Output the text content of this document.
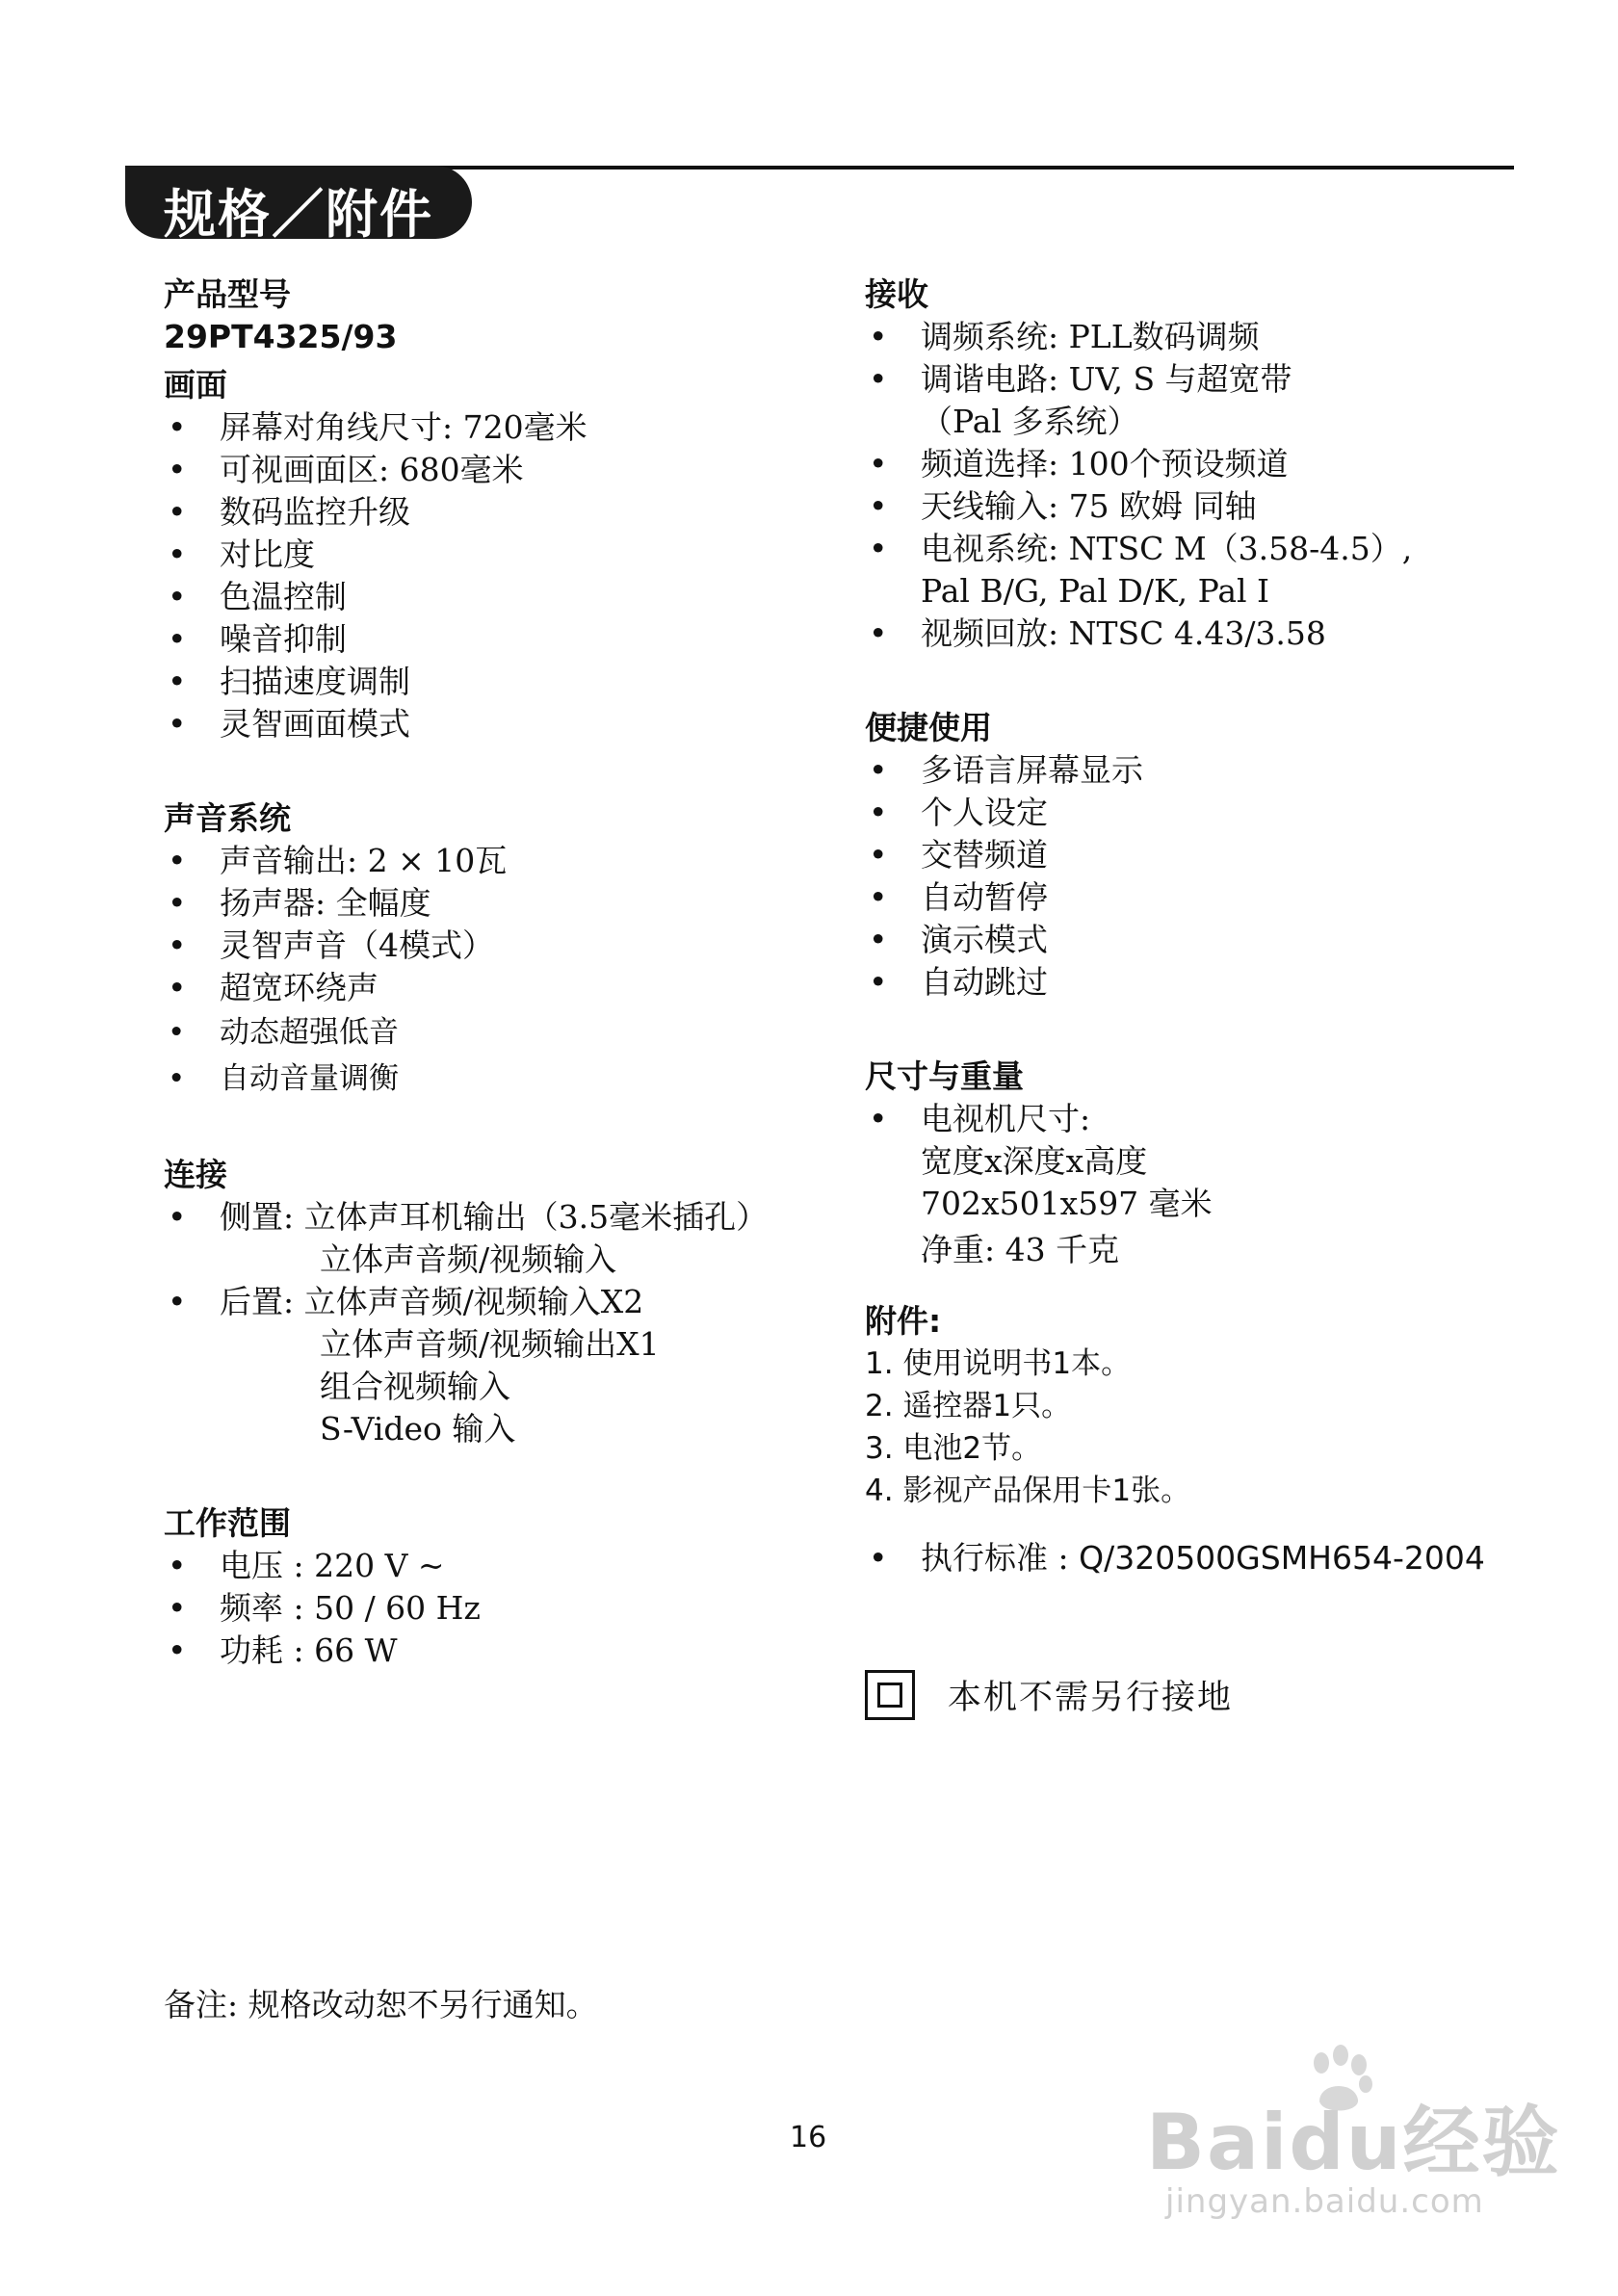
规格／附件
产品型号
29PT4325/93
画面
• 屏幕对角线尺寸: 720毫米
• 可视画面区: 680毫米
• 数码监控升级
• 对比度
• 色温控制
• 噪音抑制
• 扫描速度调制
• 灵智画面模式
声音系统
• 声音输出: 2 × 10瓦
• 扬声器: 全幅度
• 灵智声音（4模式）
• 超宽环绕声
• 动态超强低音
• 自动音量调衡
连接
• 侧置: 立体声耳机输出（3.5毫米插孔）
立体声音频/视频输入
• 后置: 立体声音频/视频输入X2
立体声音频/视频输出X1
组合视频输入
S-Video 输入
工作范围
• 电压 : 220 V ~
• 频率 : 50 / 60 Hz
• 功耗 : 66 W
接收
• 调频系统: PLL数码调频
• 调谐电路: UV, S 与超宽带
（Pal 多系统）
• 频道选择: 100个预设频道
• 天线输入: 75 欧姆 同轴
• 电视系统: NTSC M（3.58-4.5）,
Pal B/G, Pal D/K, Pal I
• 视频回放: NTSC 4.43/3.58
便捷使用
• 多语言屏幕显示
• 个人设定
• 交替频道
• 自动暂停
• 演示模式
• 自动跳过
尺寸与重量
• 电视机尺寸:
宽度x深度x高度
702x501x597 毫米
净重: 43 千克
附件:
1. 使用说明书1本。
2. 遥控器1只。
3. 电池2节。
4. 影视产品保用卡1张。
• 执行标准 : Q/320500GSMH654-2004
本机不需另行接地
备注: 规格改动恕不另行通知。
16	Baidu经验
jingyan.baidu.com
